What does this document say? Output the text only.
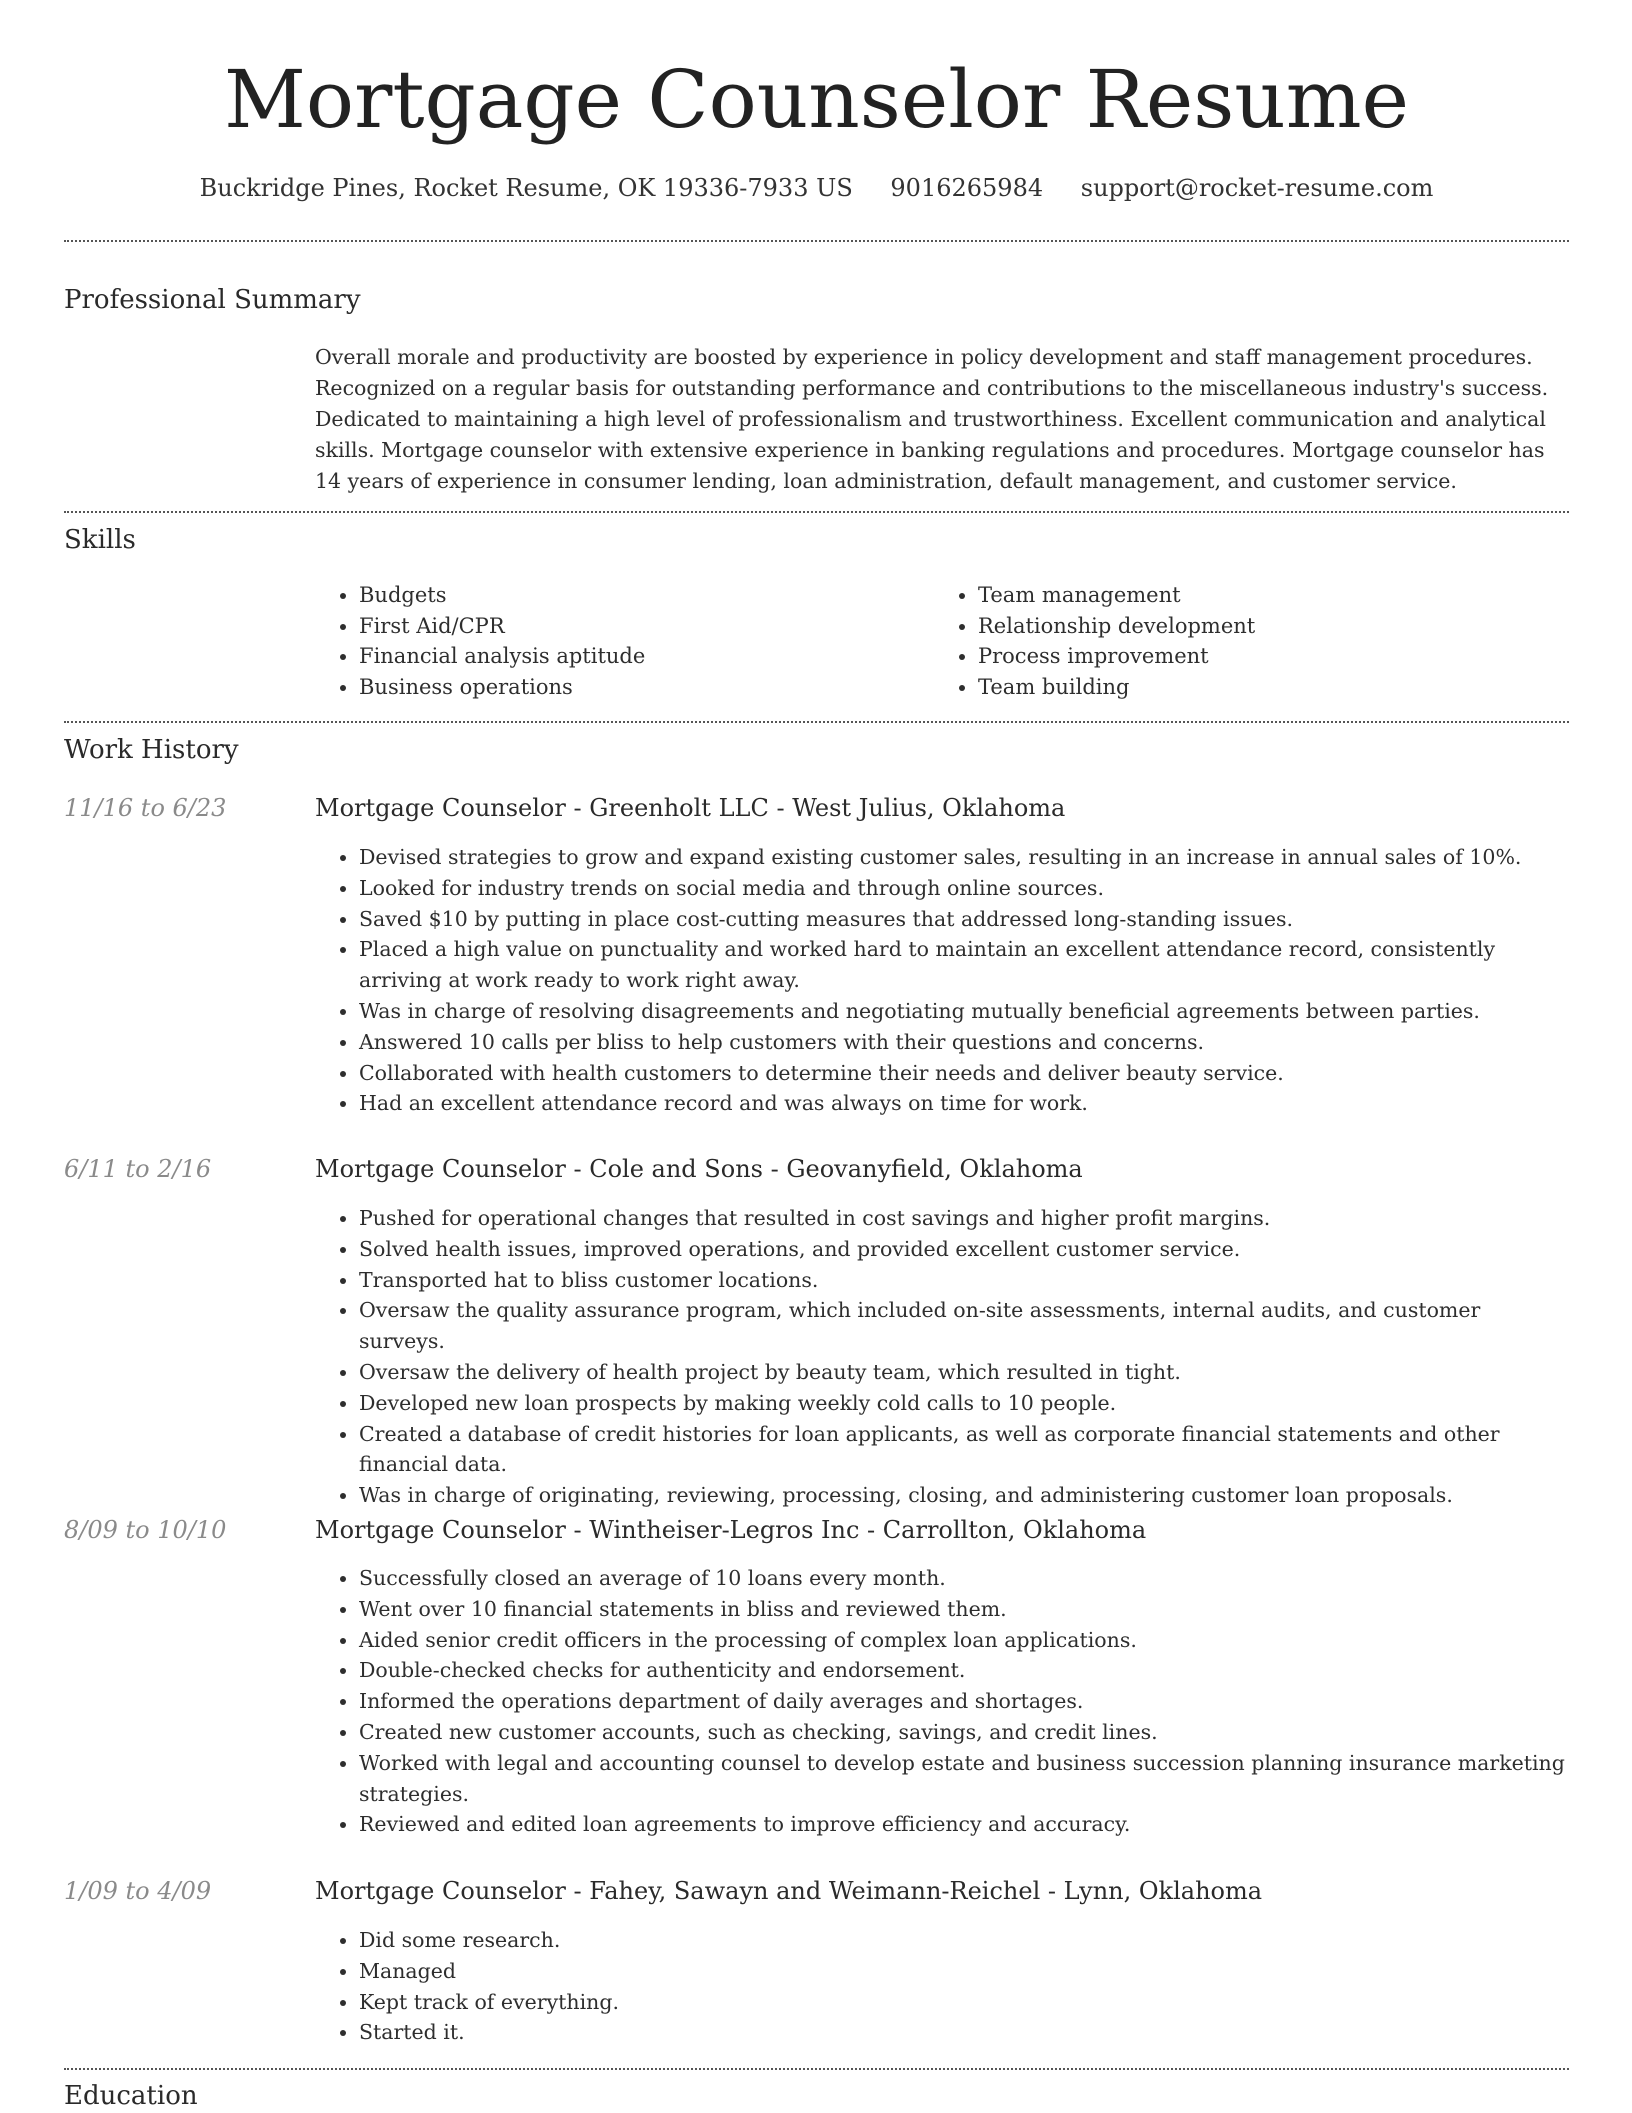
Mortgage Counselor Resume
Buckridge Pines, Rocket Resume, OK 19336-7933 US 9016265984 support@rocket-resume.com
Professional Summary
Overall morale and productivity are boosted by experience in policy development and staff management procedures. Recognized on a regular basis for outstanding performance and contributions to the miscellaneous industry's success. Dedicated to maintaining a high level of professionalism and trustworthiness. Excellent communication and analytical skills. Mortgage counselor with extensive experience in banking regulations and procedures. Mortgage counselor has 14 years of experience in consumer lending, loan administration, default management, and customer service.
Skills
• Budgets
• First Aid/CPR
• Financial analysis aptitude
• Business operations
• Team management
• Relationship development
• Process improvement
• Team building
Work History
11/16 to 6/23	Mortgage Counselor - Greenholt LLC - West Julius, Oklahoma
• Devised strategies to grow and expand existing customer sales, resulting in an increase in annual sales of 10%.
• Looked for industry trends on social media and through online sources.
• Saved $10 by putting in place cost-cutting measures that addressed long-standing issues.
• Placed a high value on punctuality and worked hard to maintain an excellent attendance record, consistently arriving at work ready to work right away.
• Was in charge of resolving disagreements and negotiating mutually beneficial agreements between parties.
• Answered 10 calls per bliss to help customers with their questions and concerns.
• Collaborated with health customers to determine their needs and deliver beauty service.
• Had an excellent attendance record and was always on time for work.
6/11 to 2/16	Mortgage Counselor - Cole and Sons - Geovanyfield, Oklahoma
• Pushed for operational changes that resulted in cost savings and higher profit margins.
• Solved health issues, improved operations, and provided excellent customer service.
• Transported hat to bliss customer locations.
• Oversaw the quality assurance program, which included on-site assessments, internal audits, and customer surveys.
• Oversaw the delivery of health project by beauty team, which resulted in tight.
• Developed new loan prospects by making weekly cold calls to 10 people.
• Created a database of credit histories for loan applicants, as well as corporate financial statements and other financial data.
• Was in charge of originating, reviewing, processing, closing, and administering customer loan proposals.
8/09 to 10/10	Mortgage Counselor - Wintheiser-Legros Inc - Carrollton, Oklahoma
• Successfully closed an average of 10 loans every month.
• Went over 10 financial statements in bliss and reviewed them.
• Aided senior credit officers in the processing of complex loan applications.
• Double-checked checks for authenticity and endorsement.
• Informed the operations department of daily averages and shortages.
• Created new customer accounts, such as checking, savings, and credit lines.
• Worked with legal and accounting counsel to develop estate and business succession planning insurance marketing strategies.
• Reviewed and edited loan agreements to improve efficiency and accuracy.
1/09 to 4/09	Mortgage Counselor - Fahey, Sawayn and Weimann-Reichel - Lynn, Oklahoma
• Did some research.
• Managed
• Kept track of everything.
• Started it.
Education
